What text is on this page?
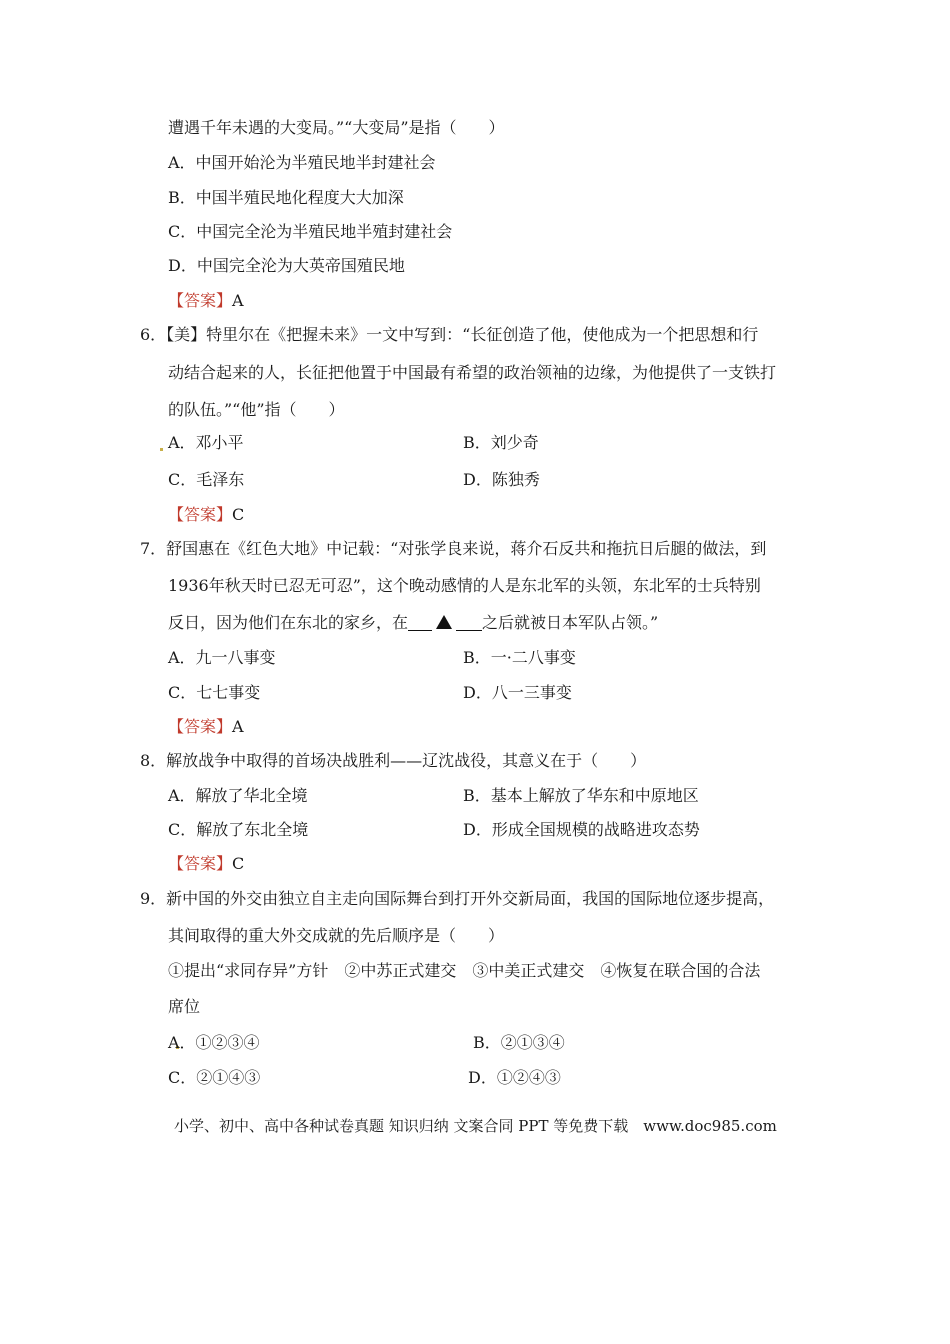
遭遇千年未遇的大变局。”“大变局”是指（　　）
A．中国开始沦为半殖民地半封建社会
B．中国半殖民地化程度大大加深
C．中国完全沦为半殖民地半殖封建社会
D．中国完全沦为大英帝国殖民地
【答案】A
6．【美】特里尔在《把握未来》一文中写到：“长征创造了他，使他成为一个把思想和行
动结合起来的人，长征把他置于中国最有希望的政治领袖的边缘，为他提供了一支铁打
的队伍。”“他”指（　　）
A．邓小平	B．刘少奇
C．毛泽东	D．陈独秀
【答案】C
7．舒国惠在《红色大地》中记载：“对张学良来说，蒋介石反共和拖抗日后腿的做法，到
1936年秋天时已忍无可忍”，这个晚动感情的人是东北军的头领，东北军的士兵特别
反日，因为他们在东北的家乡，在	之后就被日本军队占领。”
A．九一八事变	B．一·二八事变
C．七七事变	D．八一三事变
【答案】A
8．解放战争中取得的首场决战胜利——辽沈战役，其意义在于（　　）
A．解放了华北全境	B．基本上解放了华东和中原地区
C．解放了东北全境	D．形成全国规模的战略进攻态势
【答案】C
9．新中国的外交由独立自主走向国际舞台到打开外交新局面，我国的国际地位逐步提高，
其间取得的重大外交成就的先后顺序是（　　）
①提出“求同存异”方针　②中苏正式建交　③中美正式建交　④恢复在联合国的合法
席位
A．①②③④	B．②①③④
C．②①④③	D．①②④③
小学、初中、高中各种试卷真题 知识归纳 文案合同 PPT 等免费下载　www.doc985.com
